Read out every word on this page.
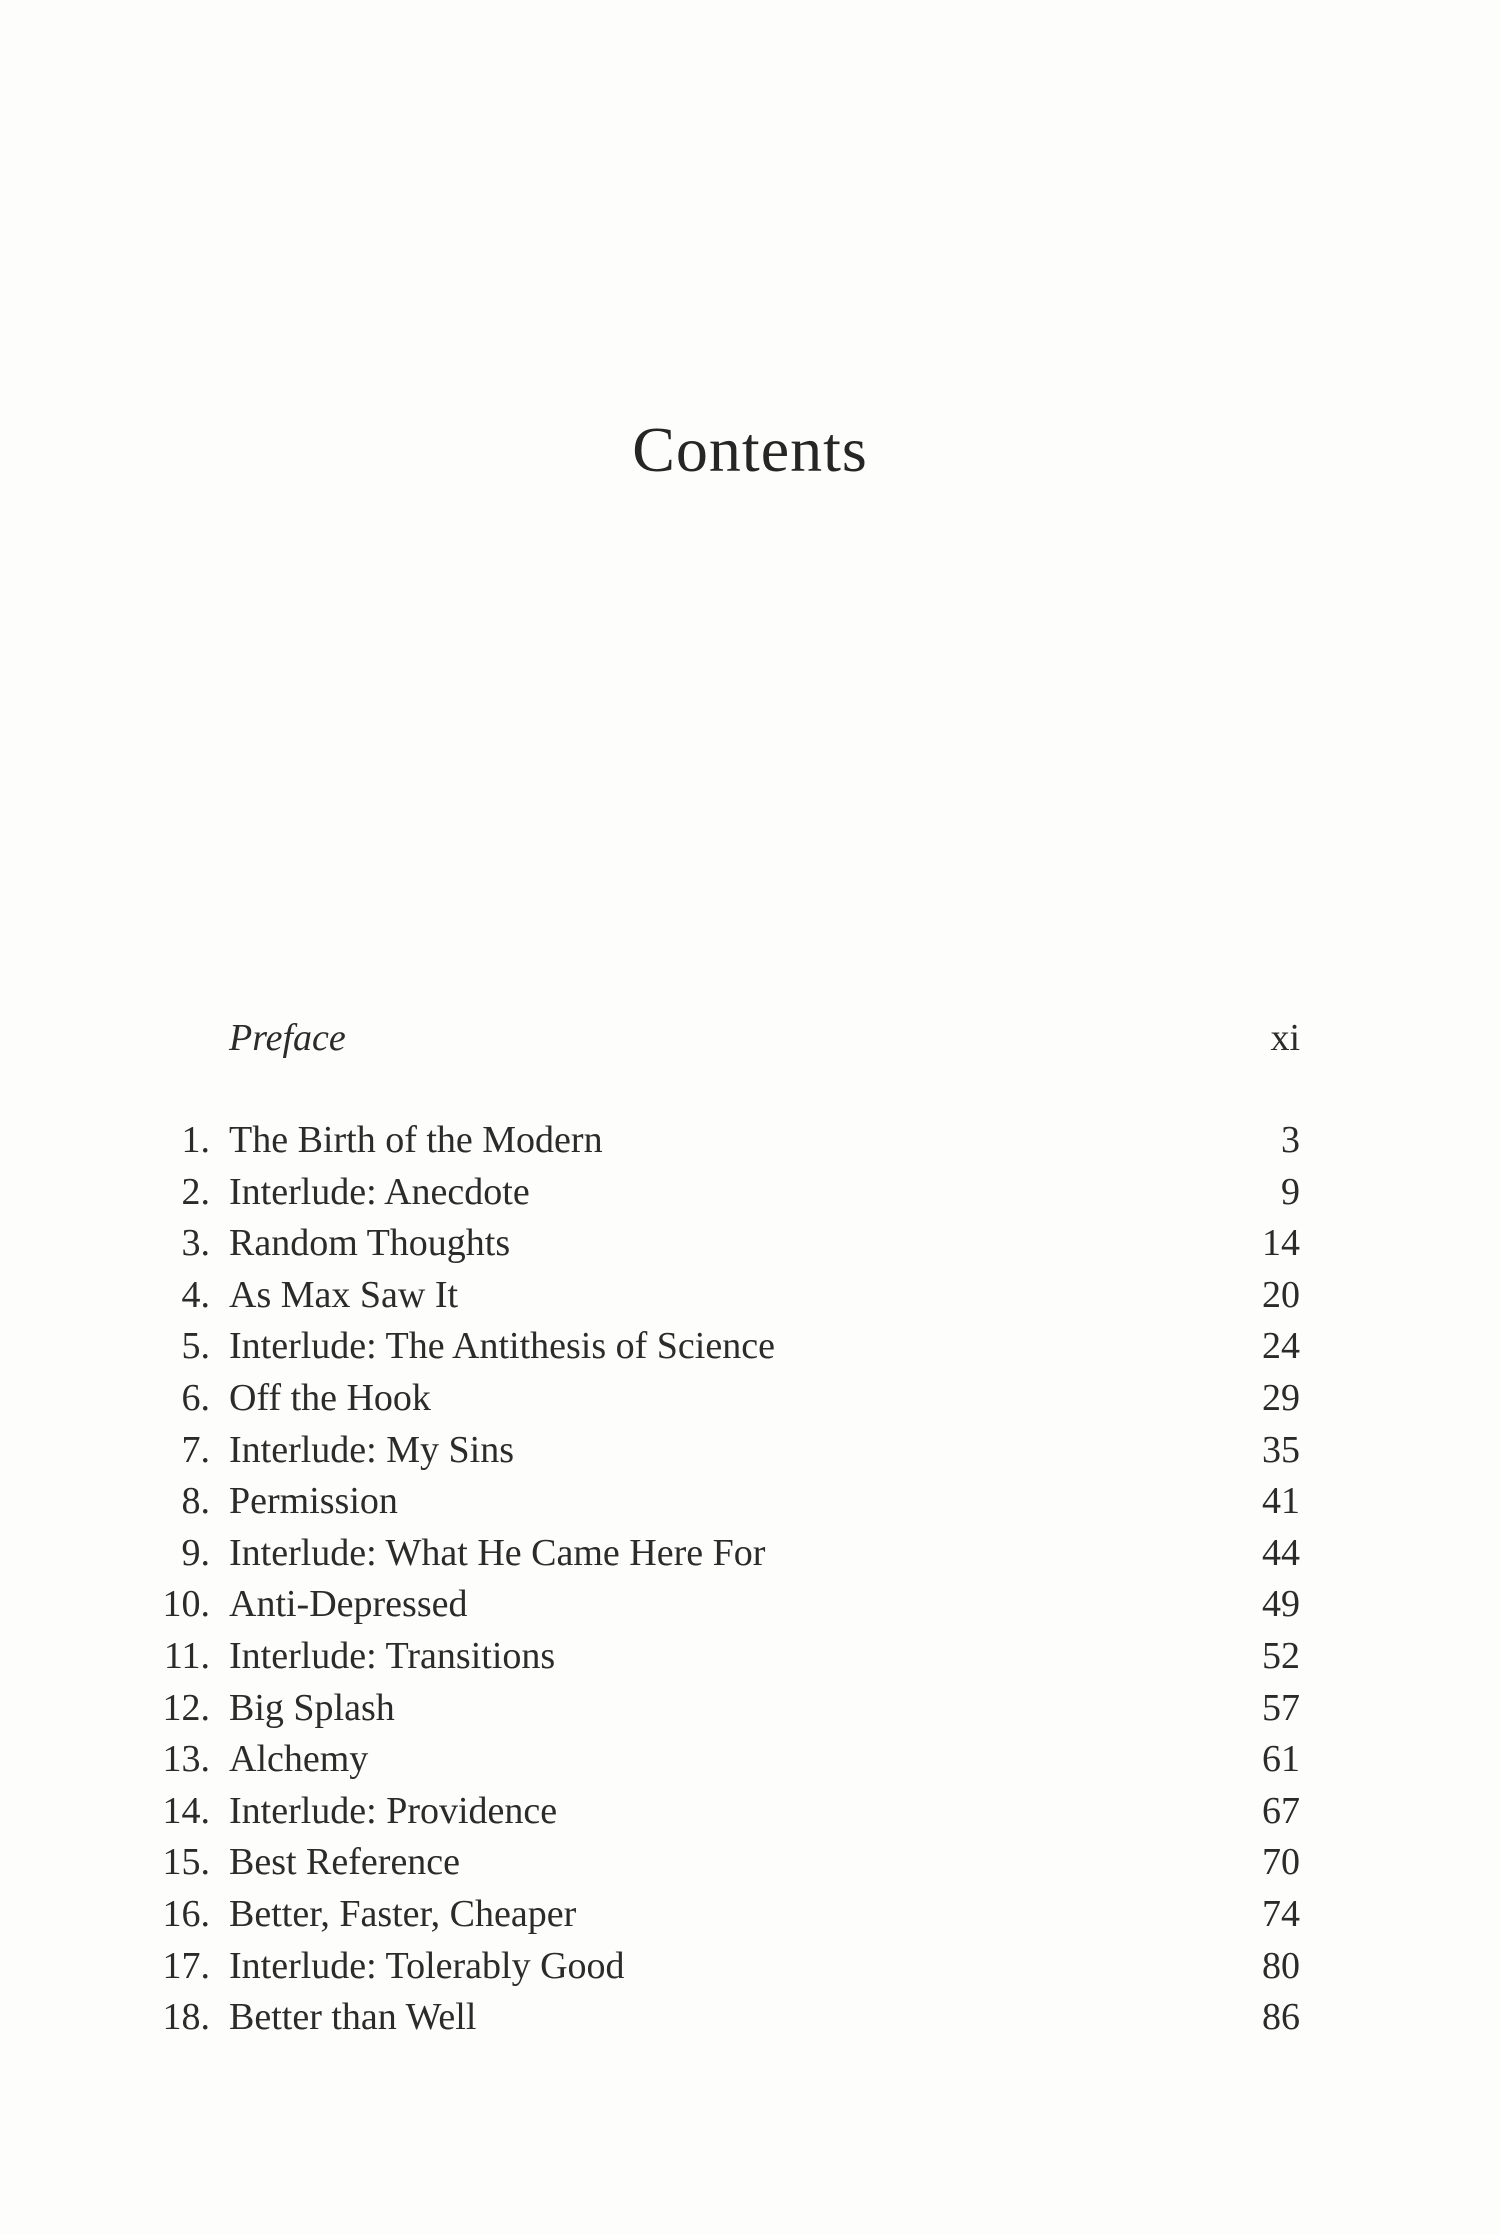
Contents
Preface	xi
1. The Birth of the Modern	3
2. Interlude: Anecdote	9
3. Random Thoughts	14
4. As Max Saw It	20
5. Interlude: The Antithesis of Science	24
6. Off the Hook	29
7. Interlude: My Sins	35
8. Permission	41
9. Interlude: What He Came Here For	44
10. Anti-Depressed	49
11. Interlude: Transitions	52
12. Big Splash	57
13. Alchemy	61
14. Interlude: Providence	67
15. Best Reference	70
16. Better, Faster, Cheaper	74
17. Interlude: Tolerably Good	80
18. Better than Well	86
